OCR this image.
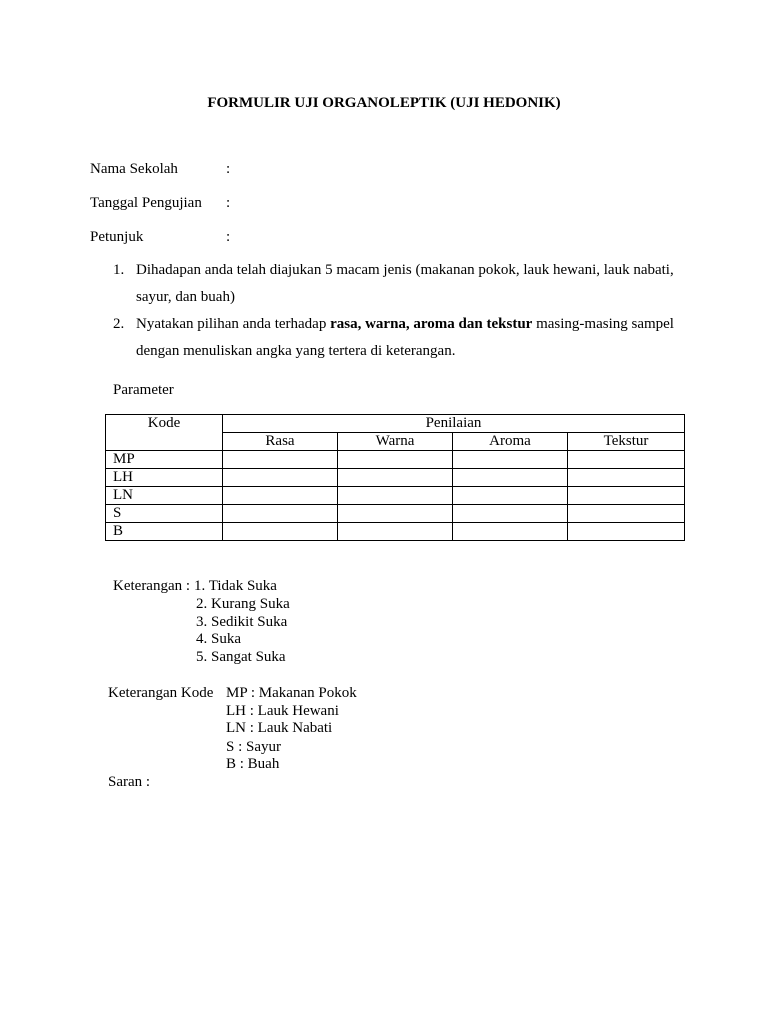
FORMULIR UJI ORGANOLEPTIK (UJI HEDONIK)
Nama Sekolah	:
Tanggal Pengujian :
Petunjuk	:
1. Dihadapan anda telah diajukan 5 macam jenis (makanan pokok, lauk hewani, lauk nabati,
sayur, dan buah)
2. Nyatakan pilihan anda terhadap rasa, warna, aroma dan tekstur masing-masing sampel
dengan menuliskan angka yang tertera di keterangan.
Parameter
Kode	Penilaian			
	Rasa	Warna	Aroma	Tekstur
MP				
LH				
LN				
S				
B				
Keterangan : 1. Tidak Suka
2. Kurang Suka
3. Sedikit Suka
4. Suka
5. Sangat Suka
Keterangan Kode MP : Makanan Pokok
LH : Lauk Hewani
LN : Lauk Nabati
S : Sayur
B : Buah
Saran :
